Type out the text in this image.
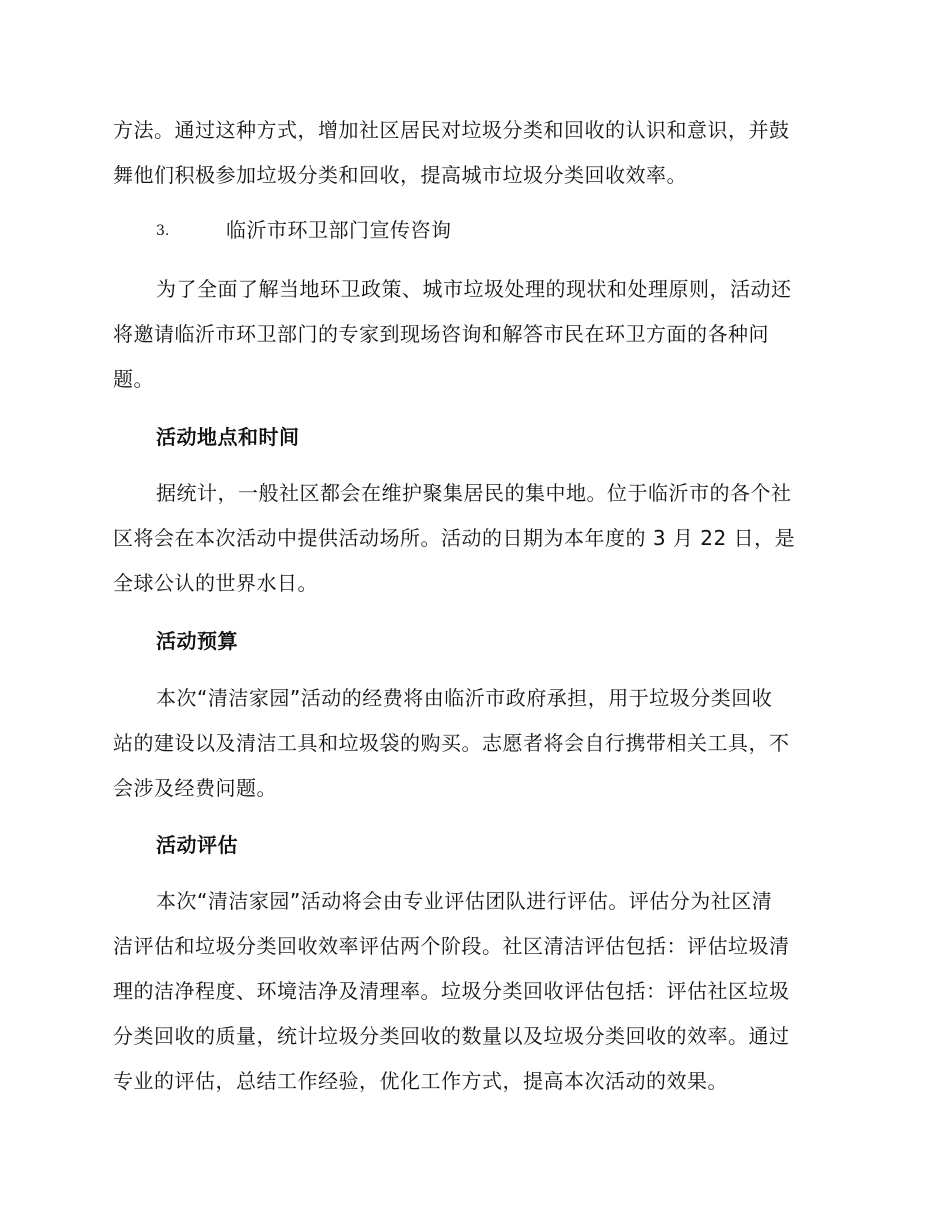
方法。通过这种方式，增加社区居民对垃圾分类和回收的认识和意识，并鼓
舞他们积极参加垃圾分类和回收，提高城市垃圾分类回收效率。
3.	临沂市环卫部门宣传咨询
为了全面了解当地环卫政策、城市垃圾处理的现状和处理原则，活动还
将邀请临沂市环卫部门的专家到现场咨询和解答市民在环卫方面的各种问
题。
活动地点和时间
据统计，一般社区都会在维护聚集居民的集中地。位于临沂市的各个社
区将会在本次活动中提供活动场所。活动的日期为本年度的 3 月 22 日，是
全球公认的世界水日。
活动预算
本次“清洁家园”活动的经费将由临沂市政府承担，用于垃圾分类回收
站的建设以及清洁工具和垃圾袋的购买。志愿者将会自行携带相关工具，不
会涉及经费问题。
活动评估
本次“清洁家园”活动将会由专业评估团队进行评估。评估分为社区清
洁评估和垃圾分类回收效率评估两个阶段。社区清洁评估包括：评估垃圾清
理的洁净程度、环境洁净及清理率。垃圾分类回收评估包括：评估社区垃圾
分类回收的质量，统计垃圾分类回收的数量以及垃圾分类回收的效率。通过
专业的评估，总结工作经验，优化工作方式，提高本次活动的效果。
